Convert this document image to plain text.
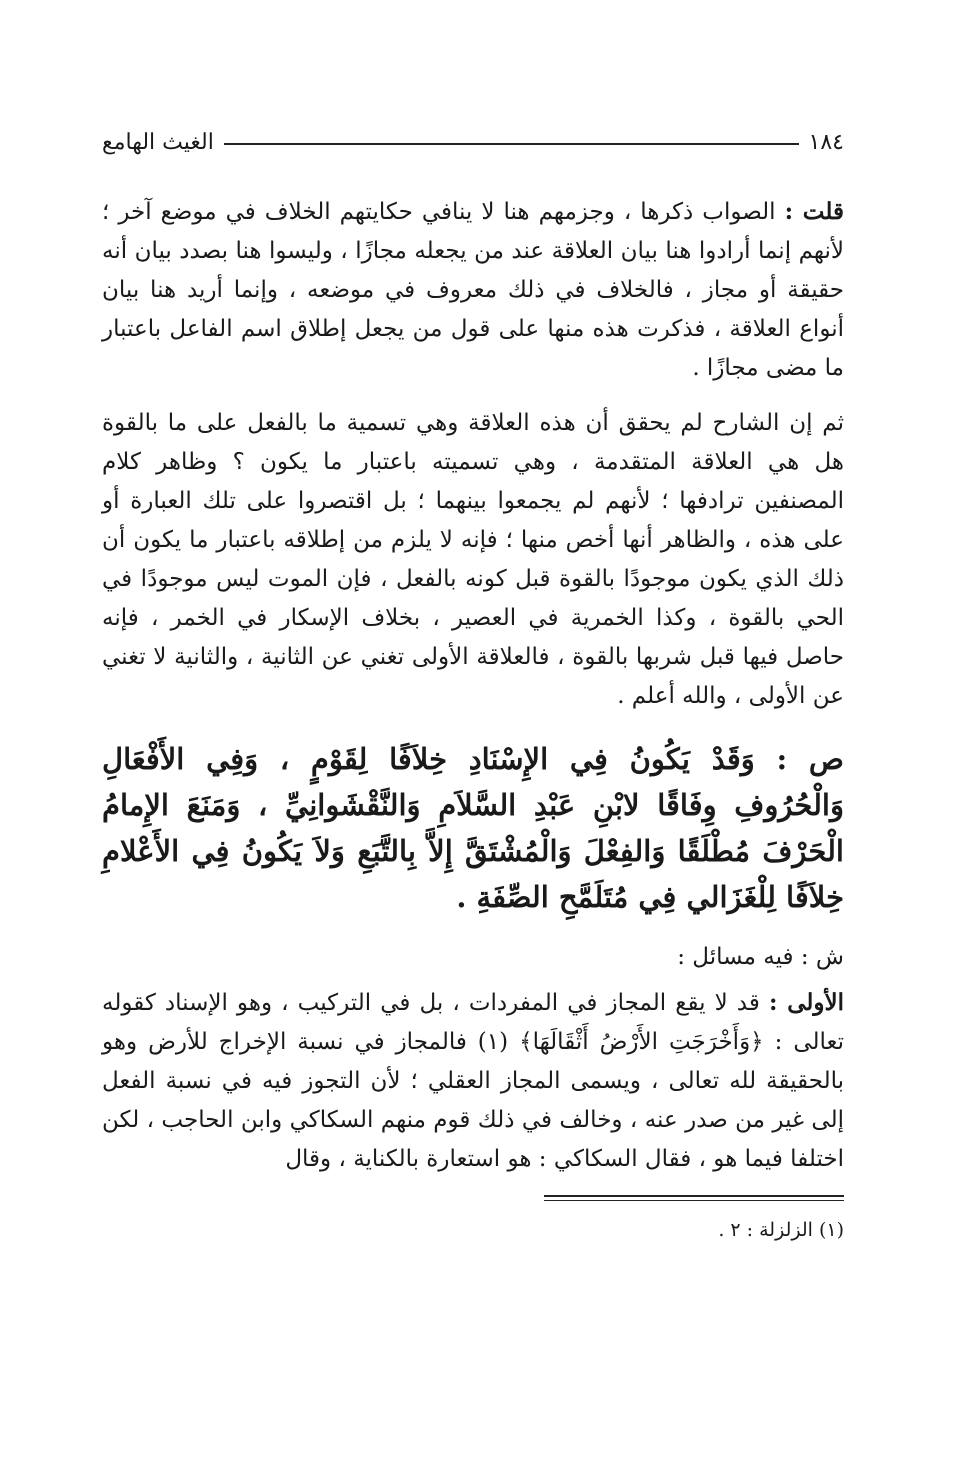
١٨٤
الغيث الهامع

قلت : الصواب ذكرها ، وجزمهم هنا لا ينافي حكايتهم الخلاف في موضع آخر ؛ لأنهم إنما أرادوا هنا بيان العلاقة عند من يجعله مجازًا ، وليسوا هنا بصدد بيان أنه حقيقة أو مجاز ، فالخلاف في ذلك معروف في موضعه ، وإنما أريد هنا بيان أنواع العلاقة ، فذكرت هذه منها على قول من يجعل إطلاق اسم الفاعل باعتبار ما مضى مجازًا .

ثم إن الشارح لم يحقق أن هذه العلاقة وهي تسمية ما بالفعل على ما بالقوة هل هي العلاقة المتقدمة ، وهي تسميته باعتبار ما يكون ؟ وظاهر كلام المصنفين ترادفها ؛ لأنهم لم يجمعوا بينهما ؛ بل اقتصروا على تلك العبارة أو على هذه ، والظاهر أنها أخص منها ؛ فإنه لا يلزم من إطلاقه باعتبار ما يكون أن ذلك الذي يكون موجودًا بالقوة قبل كونه بالفعل ، فإن الموت ليس موجودًا في الحي بالقوة ، وكذا الخمرية في العصير ، بخلاف الإسكار في الخمر ، فإنه حاصل فيها قبل شربها بالقوة ، فالعلاقة الأولى تغني عن الثانية ، والثانية لا تغني عن الأولى ، والله أعلم .

ص : وَقَدْ يَكُونُ فِي الإِسْنَادِ خِلاَفًا لِقَوْمٍ ، وَفِي الأَفْعَالِ وَالْحُرُوفِ وِفَاقًا لابْنِ عَبْدِ السَّلاَمِ وَالنَّقْشَوانِيِّ ، وَمَنَعَ الإِمامُ الْحَرْفَ مُطْلَقًا وَالفِعْلَ وَالْمُشْتَقَّ إِلاَّ بِالتَّبَعِ وَلاَ يَكُونُ فِي الأَعْلامِ خِلاَفًا لِلْغَزَالي فِي مُتَلَمَّحِ الصِّفَةِ .

ش : فيه مسائل :

الأولى : قد لا يقع المجاز في المفردات ، بل في التركيب ، وهو الإسناد كقوله تعالى : ﴿وَأَخْرَجَتِ الأَرْضُ أَثْقَالَهَا﴾ (١) فالمجاز في نسبة الإخراج للأرض وهو بالحقيقة لله تعالى ، ويسمى المجاز العقلي ؛ لأن التجوز فيه في نسبة الفعل إلى غير من صدر عنه ، وخالف في ذلك قوم منهم السكاكي وابن الحاجب ، لكن اختلفا فيما هو ، فقال السكاكي : هو استعارة بالكناية ، وقال

(١) الزلزلة : ٢ .
